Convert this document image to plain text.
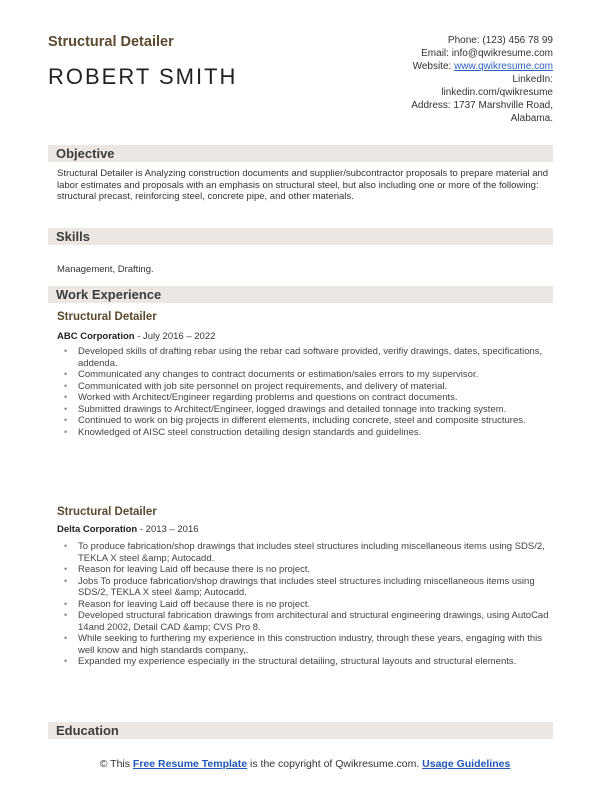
Structural Detailer
ROBERT SMITH
Phone: (123) 456 78 99
Email: info@qwikresume.com
Website: www.qwikresume.com
LinkedIn:
linkedin.com/qwikresume
Address: 1737 Marshville Road,
Alabama.
Objective
Structural Detailer is Analyzing construction documents and supplier/subcontractor proposals to prepare material and labor estimates and proposals with an emphasis on structural steel, but also including one or more of the following: structural precast, reinforcing steel, concrete pipe, and other materials.
Skills
Management, Drafting.
Work Experience
Structural Detailer
ABC Corporation - July 2016 – 2022
• Developed skills of drafting rebar using the rebar cad software provided, verifiy drawings, dates, specifications, addenda.
• Communicated any changes to contract documents or estimation/sales errors to my supervisor.
• Communicated with job site personnel on project requirements, and delivery of material.
• Worked with Architect/Engineer regarding problems and questions on contract documents.
• Submitted drawings to Architect/Engineer, logged drawings and detailed tonnage into tracking system.
• Continued to work on big projects in different elements, including concrete, steel and composite structures.
• Knowledged of AISC steel construction detailing design standards and guidelines.
Structural Detailer
Delta Corporation - 2013 – 2016
• To produce fabrication/shop drawings that includes steel structures including miscellaneous items using SDS/2, TEKLA X steel &amp; Autocadd.
• Reason for leaving Laid off because there is no project.
• Jobs To produce fabrication/shop drawings that includes steel structures including miscellaneous items using SDS/2, TEKLA X steel &amp; Autocadd.
• Reason for leaving Laid off because there is no project.
• Developed structural fabrication drawings from architectural and structural engineering drawings, using AutoCad 14and 2002, Detail CAD &amp; CVS Pro 8.
• While seeking to furthering my experience in this construction industry, through these years, engaging with this well know and high standards company,.
• Expanded my experience especially in the structural detailing, structural layouts and structural elements.
Education
© This Free Resume Template is the copyright of Qwikresume.com. Usage Guidelines
